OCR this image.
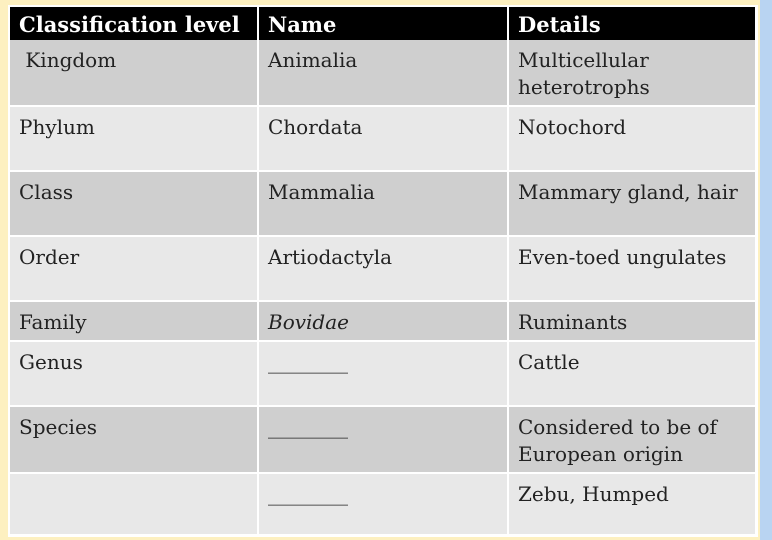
Classification level	Name	Details
Kingdom	Animalia	Multicellular heterotrophs
Phylum	Chordata	Notochord
Class	Mammalia	Mammary gland, hair
Order	Artiodactyla	Even-toed ungulates
Family	Bovidae	Ruminants
Genus	________	Cattle
Species	________	Considered to be of European origin
	________	Zebu, Humped
